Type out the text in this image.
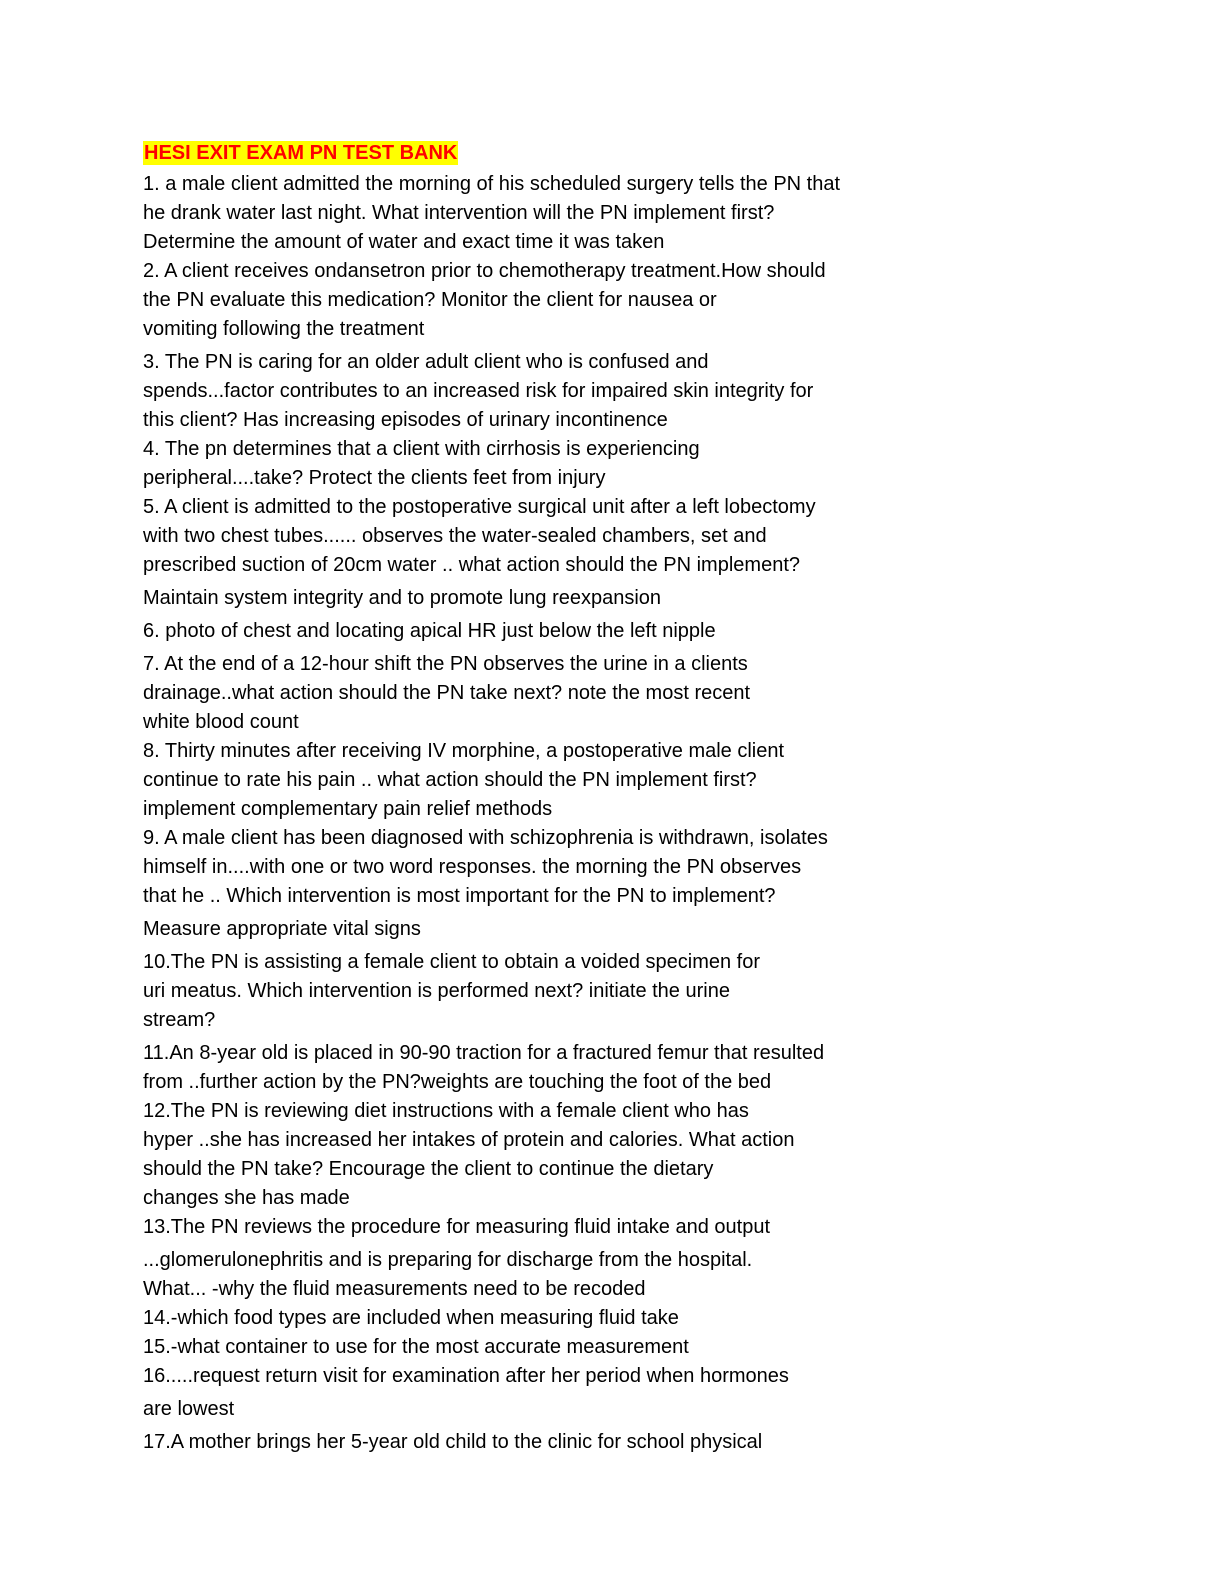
HESI EXIT EXAM PN TEST BANK
1. a male client admitted the morning of his scheduled surgery tells the PN that
he drank water last night. What intervention will the PN implement first?
Determine the amount of water and exact time it was taken
2. A client receives ondansetron prior to chemotherapy treatment.How should
the PN evaluate this medication? Monitor the client for nausea or
vomiting following the treatment
3. The PN is caring for an older adult client who is confused and
spends...factor contributes to an increased risk for impaired skin integrity for
this client? Has increasing episodes of urinary incontinence
4. The pn determines that a client with cirrhosis is experiencing
peripheral....take? Protect the clients feet from injury
5. A client is admitted to the postoperative surgical unit after a left lobectomy
with two chest tubes...... observes the water-sealed chambers, set and
prescribed suction of 20cm water .. what action should the PN implement?
Maintain system integrity and to promote lung reexpansion
6. photo of chest and locating apical HR just below the left nipple
7. At the end of a 12-hour shift the PN observes the urine in a clients
drainage..what action should the PN take next? note the most recent
white blood count
8. Thirty minutes after receiving IV morphine, a postoperative male client
continue to rate his pain .. what action should the PN implement first?
implement complementary pain relief methods
9. A male client has been diagnosed with schizophrenia is withdrawn, isolates
himself in....with one or two word responses. the morning the PN observes
that he .. Which intervention is most important for the PN to implement?
Measure appropriate vital signs
10.The PN is assisting a female client to obtain a voided specimen for
uri meatus. Which intervention is performed next? initiate the urine
stream?
11.An 8-year old is placed in 90-90 traction for a fractured femur that resulted
from ..further action by the PN?weights are touching the foot of the bed
12.The PN is reviewing diet instructions with a female client who has
hyper ..she has increased her intakes of protein and calories. What action
should the PN take? Encourage the client to continue the dietary
changes she has made
13.The PN reviews the procedure for measuring fluid intake and output
...glomerulonephritis and is preparing for discharge from the hospital.
What... -why the fluid measurements need to be recoded
14.-which food types are included when measuring fluid take
15.-what container to use for the most accurate measurement
16.....request return visit for examination after her period when hormones
are lowest
17.A mother brings her 5-year old child to the clinic for school physical
